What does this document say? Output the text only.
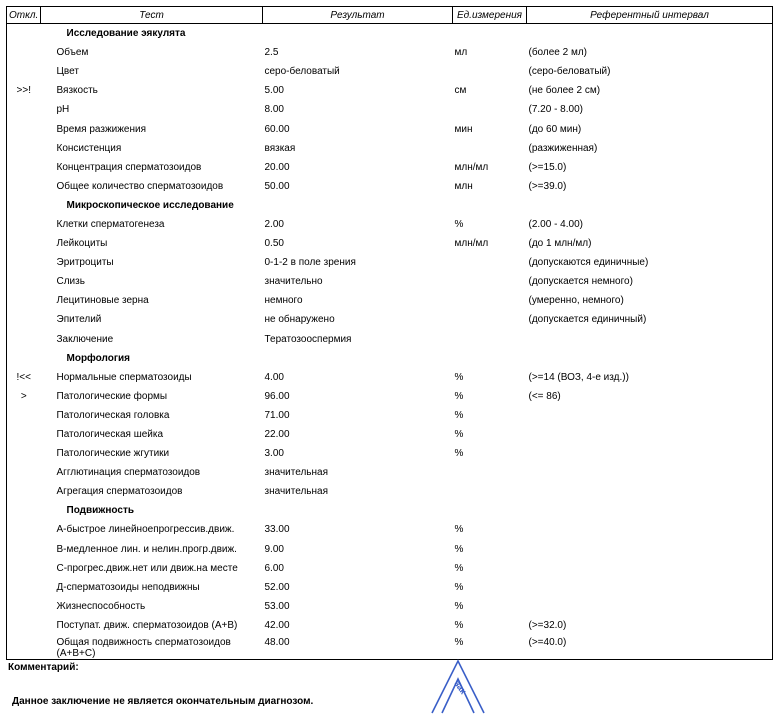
Откл.	Тест	Результат	Ед.измерения	Референтный интервал
	Исследование эякулята			
	Объем	2.5	мл	(более 2 мл)
	Цвет	серо-беловатый		(серо-беловатый)
>>!	Вязкость	5.00	см	(не более 2 см)
	pH	8.00		(7.20 - 8.00)
	Время разжижения	60.00	мин	(до 60 мин)
	Консистенция	вязкая		(разжиженная)
	Концентрация сперматозоидов	20.00	млн/мл	(>=15.0)
	Общее количество сперматозоидов	50.00	млн	(>=39.0)
	Микроскопическое исследование			
	Клетки сперматогенеза	2.00	%	(2.00 - 4.00)
	Лейкоциты	0.50	млн/мл	(до 1 млн/мл)
	Эритроциты	0-1-2 в поле зрения		(допускаются единичные)
	Слизь	значительно		(допускается немного)
	Лецитиновые зерна	немного		(умеренно, немного)
	Эпителий	не обнаружено		(допускается единичный)
	Заключение	Тератозооспермия		
	Морфология			
!<<	Нормальные сперматозоиды	4.00	%	(>=14 (ВОЗ, 4-е изд.))
>	Патологические формы	96.00	%	(<= 86)
	Патологическая головка	71.00	%	
	Патологическая шейка	22.00	%	
	Патологические жгутики	3.00	%	
	Агглютинация сперматозоидов	значительная		
	Агрегация сперматозоидов	значительная		
	Подвижность			
	А-быстрое линейноепрогрессив.движ.	33.00	%	
	В-медленное лин. и нелин.прогр.движ.	9.00	%	
	С-прогрес.движ.нет или движ.на месте	6.00	%	
	Д-сперматозоиды неподвижны	52.00	%	
	Жизнеспособность	53.00	%	
	Поступат. движ. сперматозоидов (A+B)	42.00	%	(>=32.0)
	Общая подвижность сперматозоидов (A+B+C)	48.00	%	(>=40.0)
Комментарий:
Данное заключение не является окончательным диагнозом.
зак
